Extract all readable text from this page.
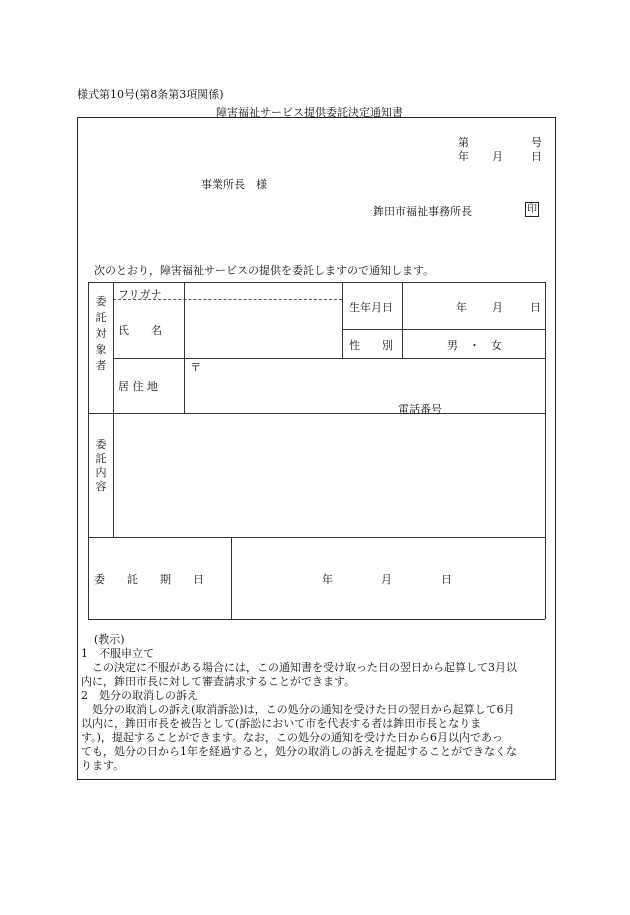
様式第10号(第8条第3項関係)
障害福祉サービス提供委託決定通知書
第	号
年 月	日
事業所長　様
鉾田市福祉事務所長	印
次のとおり，障害福祉サービスの提供を委託しますので通知します。
委託対象者
フリガナ
氏　　名
生年月日	年 月 日
性　　別	男　・　女
居 住 地
〒
電話番号
委託内容
委　　託　　期　　日	年	月	日
(教示)
1　不服申立て
　この決定に不服がある場合には，この通知書を受け取った日の翌日から起算して3月以
内に，鉾田市長に対して審査請求することができます。
2　処分の取消しの訴え
　処分の取消しの訴え(取消訴訟)は，この処分の通知を受けた日の翌日から起算して6月
以内に，鉾田市長を被告として(訴訟において市を代表する者は鉾田市長となりま
す。)，提起することができます。なお，この処分の通知を受けた日から6月以内であっ
ても，処分の日から1年を経過すると，処分の取消しの訴えを提起することができなくな
ります。
